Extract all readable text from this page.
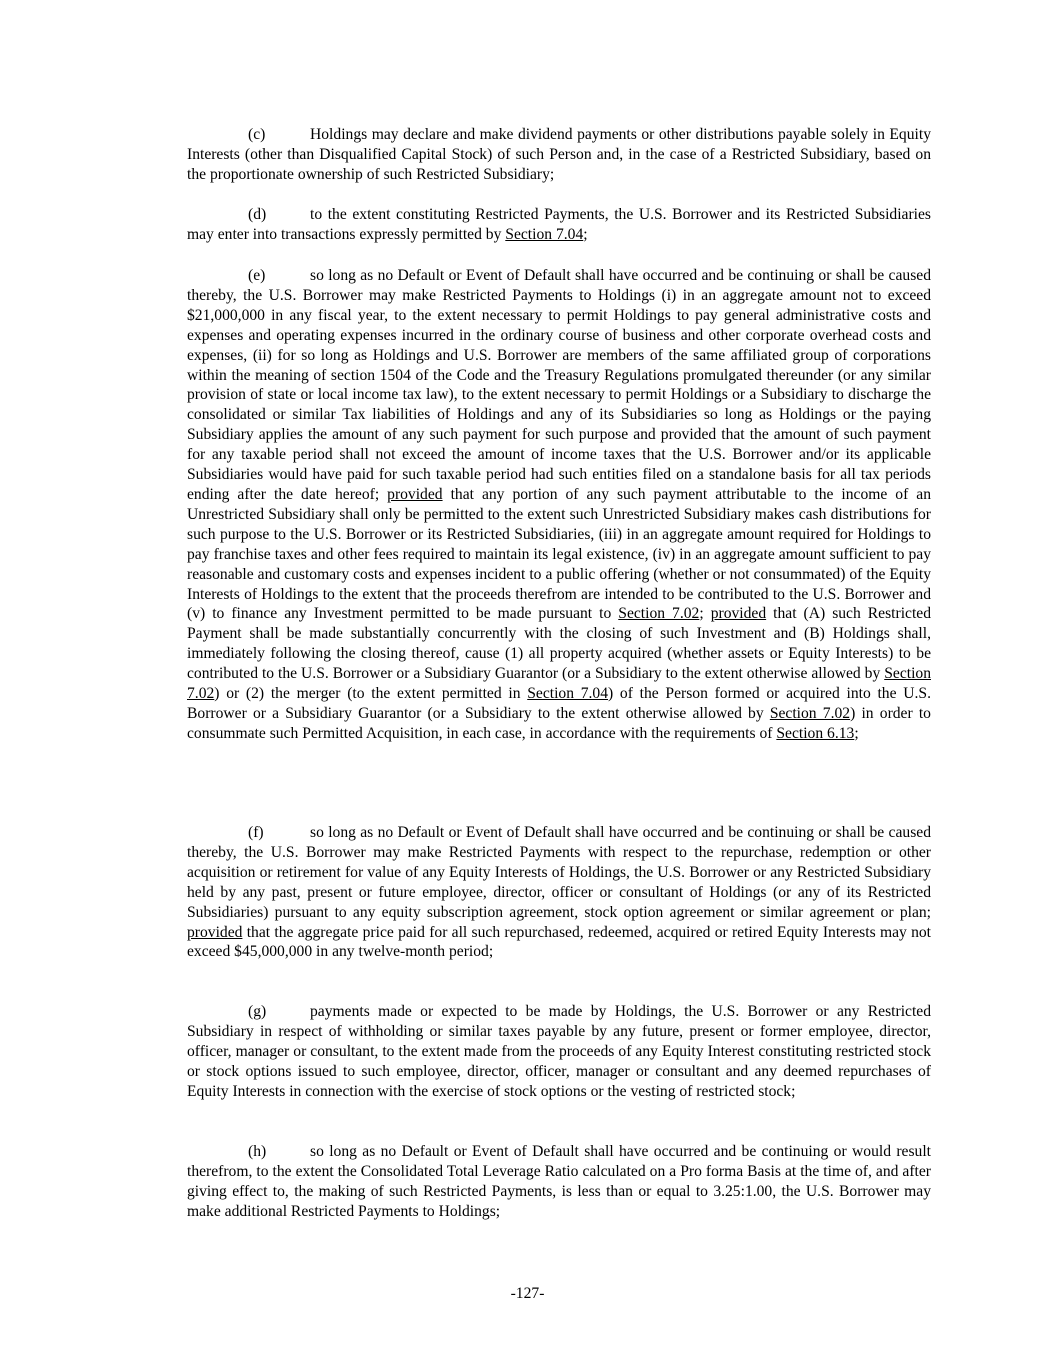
(c)	Holdings may declare and make dividend payments or other distributions payable solely in Equity Interests (other than Disqualified Capital Stock) of such Person and, in the case of a Restricted Subsidiary, based on the proportionate ownership of such Restricted Subsidiary;

(d)	to the extent constituting Restricted Payments, the U.S. Borrower and its Restricted Subsidiaries may enter into transactions expressly permitted by Section 7.04;

(e)	so long as no Default or Event of Default shall have occurred and be continuing or shall be caused thereby, the U.S. Borrower may make Restricted Payments to Holdings (i) in an aggregate amount not to exceed $21,000,000 in any fiscal year, to the extent necessary to permit Holdings to pay general administrative costs and expenses and operating expenses incurred in the ordinary course of business and other corporate overhead costs and expenses, (ii) for so long as Holdings and U.S. Borrower are members of the same affiliated group of corporations within the meaning of section 1504 of the Code and the Treasury Regulations promulgated thereunder (or any similar provision of state or local income tax law), to the extent necessary to permit Holdings or a Subsidiary to discharge the consolidated or similar Tax liabilities of Holdings and any of its Subsidiaries so long as Holdings or the paying Subsidiary applies the amount of any such payment for such purpose and provided that the amount of such payment for any taxable period shall not exceed the amount of income taxes that the U.S. Borrower and/or its applicable Subsidiaries would have paid for such taxable period had such entities filed on a standalone basis for all tax periods ending after the date hereof; provided that any portion of any such payment attributable to the income of an Unrestricted Subsidiary shall only be permitted to the extent such Unrestricted Subsidiary makes cash distributions for such purpose to the U.S. Borrower or its Restricted Subsidiaries, (iii) in an aggregate amount required for Holdings to pay franchise taxes and other fees required to maintain its legal existence, (iv) in an aggregate amount sufficient to pay reasonable and customary costs and expenses incident to a public offering (whether or not consummated) of the Equity Interests of Holdings to the extent that the proceeds therefrom are intended to be contributed to the U.S. Borrower and (v) to finance any Investment permitted to be made pursuant to Section 7.02; provided that (A) such Restricted Payment shall be made substantially concurrently with the closing of such Investment and (B) Holdings shall, immediately following the closing thereof, cause (1) all property acquired (whether assets or Equity Interests) to be contributed to the U.S. Borrower or a Subsidiary Guarantor (or a Subsidiary to the extent otherwise allowed by Section 7.02) or (2) the merger (to the extent permitted in Section 7.04) of the Person formed or acquired into the U.S. Borrower or a Subsidiary Guarantor (or a Subsidiary to the extent otherwise allowed by Section 7.02) in order to consummate such Permitted Acquisition, in each case, in accordance with the requirements of Section 6.13;

(f)	so long as no Default or Event of Default shall have occurred and be continuing or shall be caused thereby, the U.S. Borrower may make Restricted Payments with respect to the repurchase, redemption or other acquisition or retirement for value of any Equity Interests of Holdings, the U.S. Borrower or any Restricted Subsidiary held by any past, present or future employee, director, officer or consultant of Holdings (or any of its Restricted Subsidiaries) pursuant to any equity subscription agreement, stock option agreement or similar agreement or plan; provided that the aggregate price paid for all such repurchased, redeemed, acquired or retired Equity Interests may not exceed $45,000,000 in any twelve-month period;

(g)	payments made or expected to be made by Holdings, the U.S. Borrower or any Restricted Subsidiary in respect of withholding or similar taxes payable by any future, present or former employee, director, officer, manager or consultant, to the extent made from the proceeds of any Equity Interest constituting restricted stock or stock options issued to such employee, director, officer, manager or consultant and any deemed repurchases of Equity Interests in connection with the exercise of stock options or the vesting of restricted stock;

(h)	so long as no Default or Event of Default shall have occurred and be continuing or would result therefrom, to the extent the Consolidated Total Leverage Ratio calculated on a Pro forma Basis at the time of, and after giving effect to, the making of such Restricted Payments, is less than or equal to 3.25:1.00, the U.S. Borrower may make additional Restricted Payments to Holdings;

-127-
